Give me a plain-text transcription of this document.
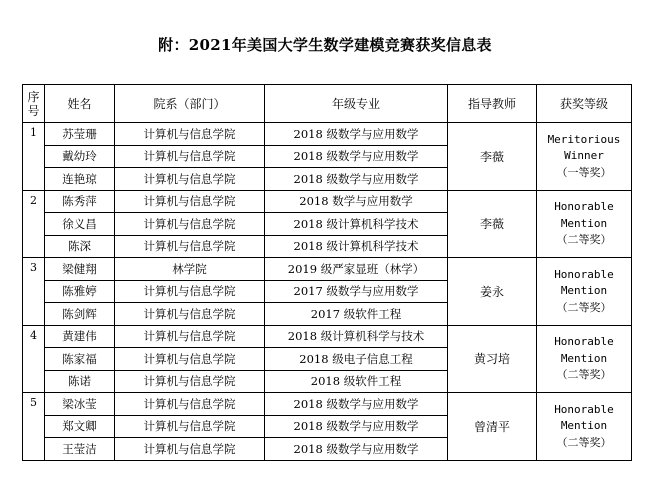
附：2021年美国大学生数学建模竞赛获奖信息表
序号	姓名	院系（部门）	年级专业	指导教师	获奖等级
1	苏莹珊	计算机与信息学院	2018 级数学与应用数学	李薇	Meritorious
Winner
（一等奖）

	戴幼玲	计算机与信息学院	2018 级数学与应用数学		
	连艳琼	计算机与信息学院	2018 级数学与应用数学		
2	陈秀萍	计算机与信息学院	2018 数学与应用数学	李薇	Honorable
Mention
（二等奖）

	徐义昌	计算机与信息学院	2018 级计算机科学技术		
	陈深	计算机与信息学院	2018 级计算机科学技术		
3	梁健翔	林学院	2019 级严家显班（林学）	姜永	Honorable
Mention
（二等奖）

	陈雅婷	计算机与信息学院	2017 级数学与应用数学		
	陈剑辉	计算机与信息学院	2017 级软件工程		
4	黄建伟	计算机与信息学院	2018 级计算机科学与技术	黄习培	Honorable
Mention
（二等奖）

	陈家福	计算机与信息学院	2018 级电子信息工程		
	陈诺	计算机与信息学院	2018 级软件工程		
5	梁冰莹	计算机与信息学院	2018 级数学与应用数学	曾清平	Honorable
Mention
（二等奖）

	郑文卿	计算机与信息学院	2018 级数学与应用数学		
	王莹洁	计算机与信息学院	2018 级数学与应用数学		
